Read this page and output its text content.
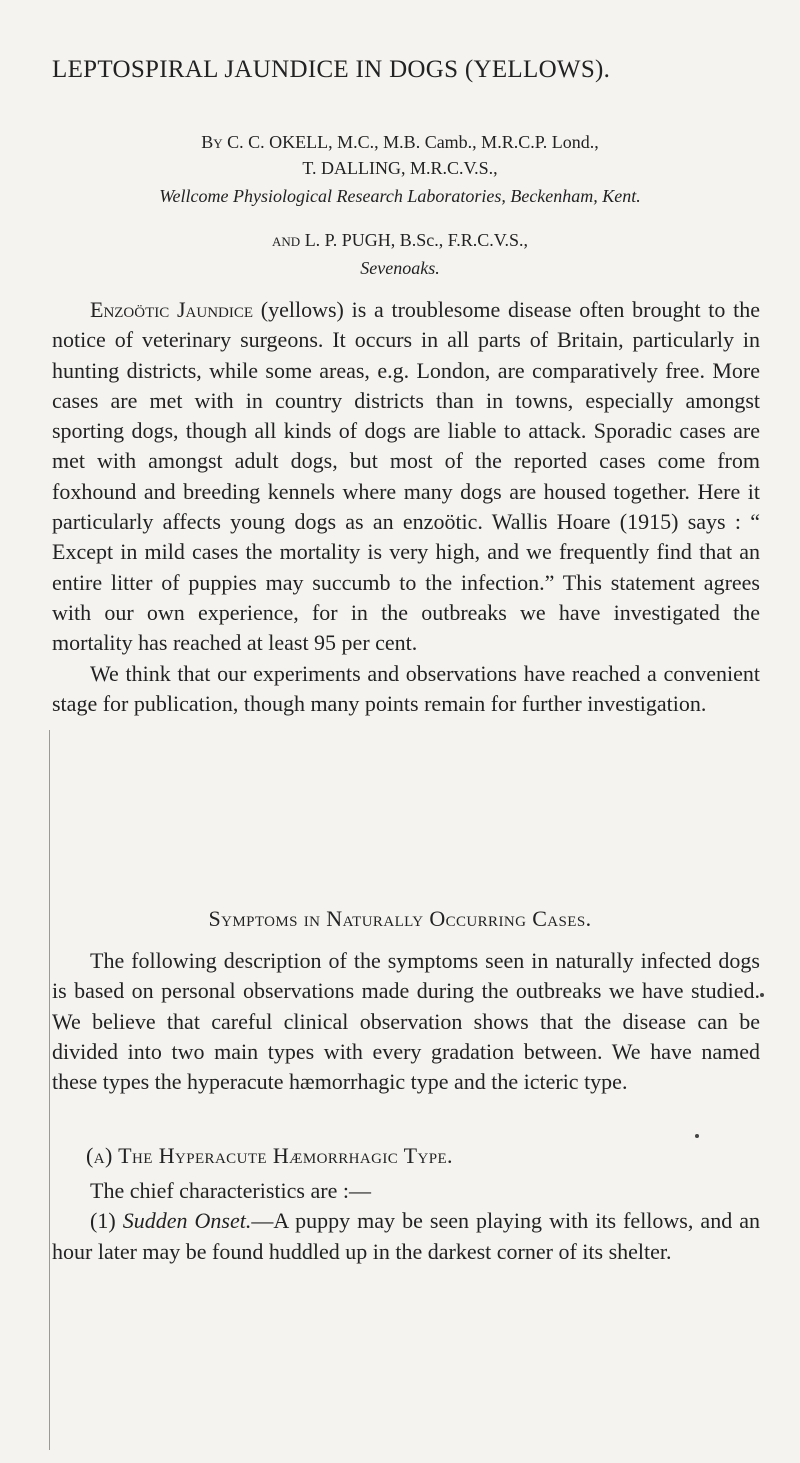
LEPTOSPIRAL JAUNDICE IN DOGS (YELLOWS).
By C. C. OKELL, M.C., M.B. Camb., M.R.C.P. Lond.,
T. DALLING, M.R.C.V.S.,
Wellcome Physiological Research Laboratories, Beckenham, Kent.
and L. P. PUGH, B.Sc., F.R.C.V.S.,
Sevenoaks.

Enzoötic Jaundice (yellows) is a troublesome disease often brought to the notice of veterinary surgeons. It occurs in all parts of Britain, particularly in hunting districts, while some areas, e.g. London, are comparatively free. More cases are met with in country districts than in towns, especially amongst sporting dogs, though all kinds of dogs are liable to attack. Sporadic cases are met with amongst adult dogs, but most of the reported cases come from foxhound and breeding kennels where many dogs are housed together. Here it particularly affects young dogs as an enzoötic. Wallis Hoare (1915) says : “ Except in mild cases the mortality is very high, and we frequently find that an entire litter of puppies may succumb to the infection.” This statement agrees with our own experience, for in the outbreaks we have investigated the mortality has reached at least 95 per cent.

We think that our experiments and observations have reached a convenient stage for publication, though many points remain for further investigation.

Symptoms in Naturally Occurring Cases.

The following description of the symptoms seen in naturally infected dogs is based on personal observations made during the outbreaks we have studied. We believe that careful clinical observation shows that the disease can be divided into two main types with every gradation between. We have named these types the hyperacute hæmorrhagic type and the icteric type.

(a) The Hyperacute Hæmorrhagic Type.

The chief characteristics are :—

(1) Sudden Onset.—A puppy may be seen playing with its fellows, and an hour later may be found huddled up in the darkest corner of its shelter.
